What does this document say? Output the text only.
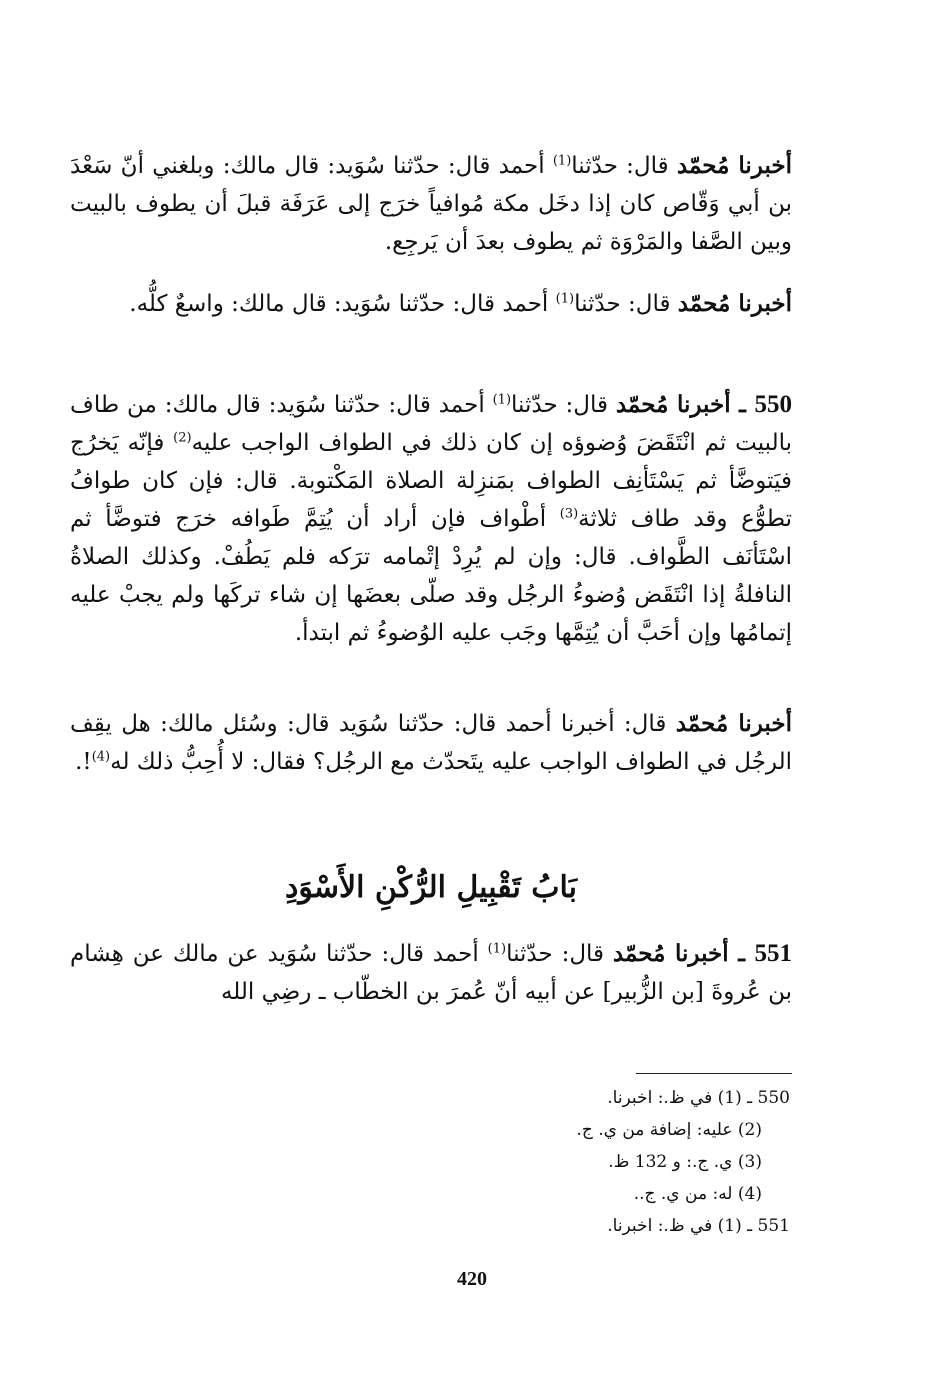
أخبرنا مُحمّد قال: حدّثنا$^{(1)}$ أحمد قال: حدّثنا سُوَيد: قال مالك: وبلغني أنّ سَعْدَ بن أبي وَقّاص كان إذا دخَل مكة مُوافياً خرَج إلى عَرَفَة قبلَ أن يطوف بالبيت وبين الصَّفا والمَرْوَة ثم يطوف بعدَ أن يَرجِع.

أخبرنا مُحمّد قال: حدّثنا$^{(1)}$ أحمد قال: حدّثنا سُوَيد: قال مالك: واسعٌ كلُّه.

550 ـ أخبرنا مُحمّد قال: حدّثنا$^{(1)}$ أحمد قال: حدّثنا سُوَيد: قال مالك: من طاف بالبيت ثم انْتَقَضَ وُضوؤه إن كان ذلك في الطواف الواجب عليه$^{(2)}$ فإنّه يَخرُج فيَتوضَّأ ثم يَسْتَأنِف الطواف بمَنزِلة الصلاة المَكْتوبة. قال: فإن كان طوافُ تطوُّع وقد طاف ثلاثة$^{(3)}$ أطْواف فإن أراد أن يُتِمَّ طَوافه خرَج فتوضَّأ ثم اسْتَأنَف الطَّواف. قال: وإن لم يُرِدْ إتْمامه ترَكه فلم يَطُفْ. وكذلك الصلاةُ النافلةُ إذا انْتَقَض وُضوءُ الرجُل وقد صلّى بعضَها إن شاء تركَها ولم يجبْ عليه إتمامُها وإن أحَبَّ أن يُتِمَّها وجَب عليه الوُضوءُ ثم ابتدأ.

أخبرنا مُحمّد قال: أخبرنا أحمد قال: حدّثنا سُوَيد قال: وسُئل مالك: هل يقِف الرجُل في الطواف الواجب عليه يتَحدّث مع الرجُل؟ فقال: لا أُحِبُّ ذلك له$^{(4)}$!.

بَابُ تَقْبِيلِ الرُّكْنِ الأَسْوَدِ

551 ـ أخبرنا مُحمّد قال: حدّثنا$^{(1)}$ أحمد قال: حدّثنا سُوَيد عن مالك عن هِشام بن عُروةَ [بن الزُّبير] عن أبيه أنّ عُمرَ بن الخطّاب ـ رضِي الله

550 ـ (1) في ظ.: اخبرنا.
(2) عليه: إضافة من ي. ج.
(3) ي. ج.: و 132 ظ.
(4) له: من ي. ج..
551 ـ (1) في ظ.: اخبرنا.
420
